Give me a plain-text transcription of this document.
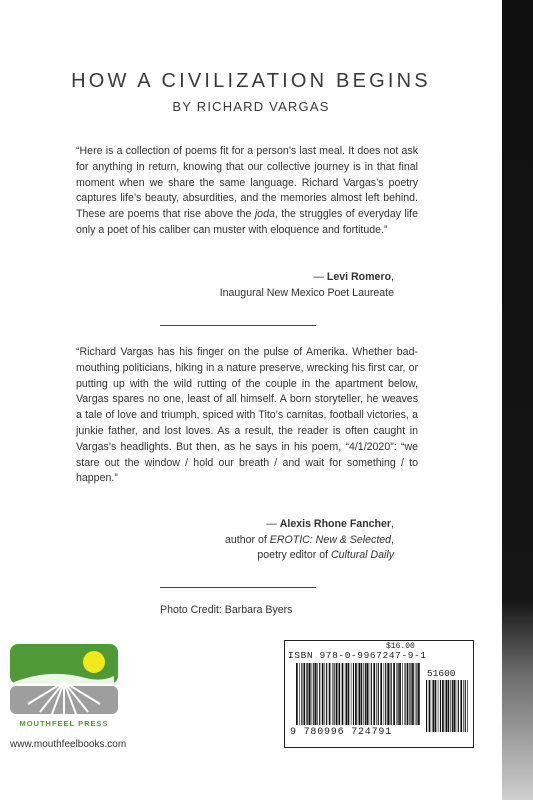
HOW A CIVILIZATION BEGINS
BY RICHARD VARGAS
“Here is a collection of poems fit for a person’s last meal. It does not ask for anything in return, knowing that our collective journey is in that final moment when we share the same language. Richard Vargas’s poetry captures life’s beauty, absurdities, and the memories almost left behind. These are poems that rise above the joda, the struggles of everyday life only a poet of his caliber can muster with eloquence and fortitude.”
— Levi Romero,
Inaugural New Mexico Poet Laureate
“Richard Vargas has his finger on the pulse of Amerika. Whether bad-mouthing politicians, hiking in a nature preserve, wrecking his first car, or putting up with the wild rutting of the couple in the apartment below, Vargas spares no one, least of all himself. A born storyteller, he weaves a tale of love and triumph, spiced with Tito’s carnitas, football victories, a junkie father, and lost loves. As a result, the reader is often caught in Vargas’s headlights. But then, as he says in his poem, “4/1/2020”: “we stare out the window / hold our breath / and wait for something / to happen.”
— Alexis Rhone Fancher,
author of EROTIC: New & Selected,
poetry editor of Cultural Daily
Photo Credit: Barbara Byers
MOUTHFEEL PRESS
www.mouthfeelbooks.com
$16.00
ISBN 978-0-9967247-9-1
51600
9 780996 724791
